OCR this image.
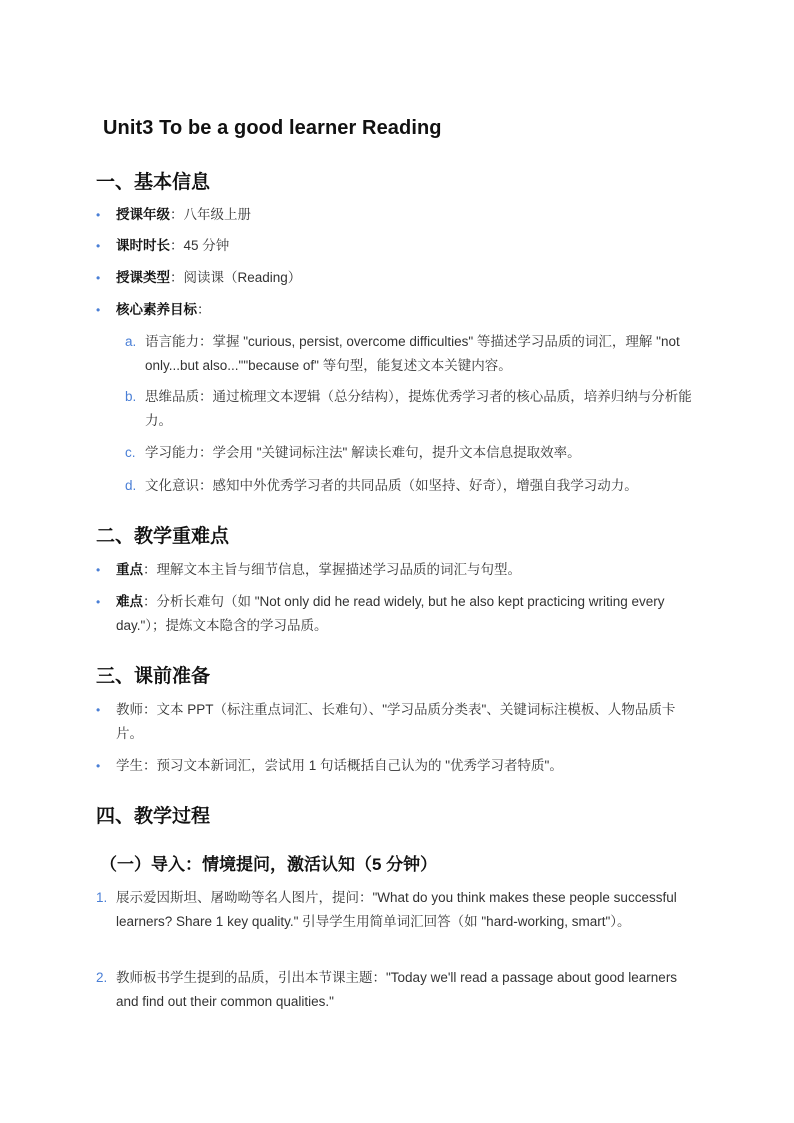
Unit3 To be a good learner Reading
一、基本信息
• 授课年级：八年级上册
• 课时时长：45 分钟
• 授课类型：阅读课（Reading）
• 核心素养目标：
a. 语言能力：掌握 "curious, persist, overcome difficulties" 等描述学习品质的词汇，理解 "not only...but also...""because of" 等句型，能复述文本关键内容。
b. 思维品质：通过梳理文本逻辑（总分结构），提炼优秀学习者的核心品质，培养归纳与分析能力。
c. 学习能力：学会用 "关键词标注法" 解读长难句，提升文本信息提取效率。
d. 文化意识：感知中外优秀学习者的共同品质（如坚持、好奇），增强自我学习动力。
二、教学重难点
• 重点：理解文本主旨与细节信息，掌握描述学习品质的词汇与句型。
• 难点：分析长难句（如 "Not only did he read widely, but he also kept practicing writing every day."）；提炼文本隐含的学习品质。
三、课前准备
• 教师：文本 PPT（标注重点词汇、长难句）、"学习品质分类表"、关键词标注模板、人物品质卡片。
• 学生：预习文本新词汇，尝试用 1 句话概括自己认为的 "优秀学习者特质"。
四、教学过程
（一）导入：情境提问，激活认知（5 分钟）
1. 展示爱因斯坦、屠呦呦等名人图片，提问："What do you think makes these people successful learners? Share 1 key quality." 引导学生用简单词汇回答（如 "hard-working, smart"）。
2. 教师板书学生提到的品质，引出本节课主题："Today we'll read a passage about good learners and find out their common qualities."
